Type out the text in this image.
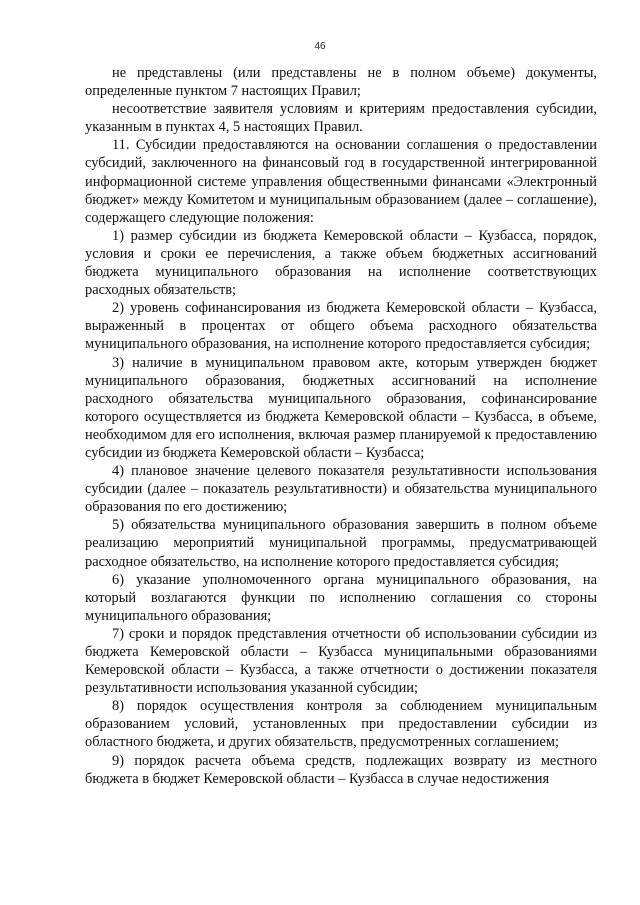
46

не представлены (или представлены не в полном объеме) документы, определенные пунктом 7 настоящих Правил;

несоответствие заявителя условиям и критериям предоставления субсидии, указанным в пунктах 4, 5 настоящих Правил.

11. Субсидии предоставляются на основании соглашения о предоставлении субсидий, заключенного на финансовый год в государственной интегрированной информационной системе управления общественными финансами «Электронный бюджет» между Комитетом и муниципальным образованием (далее – соглашение), содержащего следующие положения:

1) размер субсидии из бюджета Кемеровской области – Кузбасса, порядок, условия и сроки ее перечисления, а также объем бюджетных ассигнований бюджета муниципального образования на исполнение соответствующих расходных обязательств;

2) уровень софинансирования из бюджета Кемеровской области – Кузбасса, выраженный в процентах от общего объема расходного обязательства муниципального образования, на исполнение которого предоставляется субсидия;

3) наличие в муниципальном правовом акте, которым утвержден бюджет муниципального образования, бюджетных ассигнований на исполнение расходного обязательства муниципального образования, софинансирование которого осуществляется из бюджета Кемеровской области – Кузбасса, в объеме, необходимом для его исполнения, включая размер планируемой к предоставлению субсидии из бюджета Кемеровской области – Кузбасса;

4) плановое значение целевого показателя результативности использования субсидии (далее – показатель результативности) и обязательства муниципального образования по его достижению;

5) обязательства муниципального образования завершить в полном объеме реализацию мероприятий муниципальной программы, предусматривающей расходное обязательство, на исполнение которого предоставляется субсидия;

6) указание уполномоченного органа муниципального образования, на который возлагаются функции по исполнению соглашения со стороны муниципального образования;

7) сроки и порядок представления отчетности об использовании субсидии из бюджета Кемеровской области – Кузбасса муниципальными образованиями Кемеровской области – Кузбасса, а также отчетности о достижении показателя результативности использования указанной субсидии;

8) порядок осуществления контроля за соблюдением муниципальным образованием условий, установленных при предоставлении субсидии из областного бюджета, и других обязательств, предусмотренных соглашением;

9) порядок расчета объема средств, подлежащих возврату из местного бюджета в бюджет Кемеровской области – Кузбасса в случае недостижения
